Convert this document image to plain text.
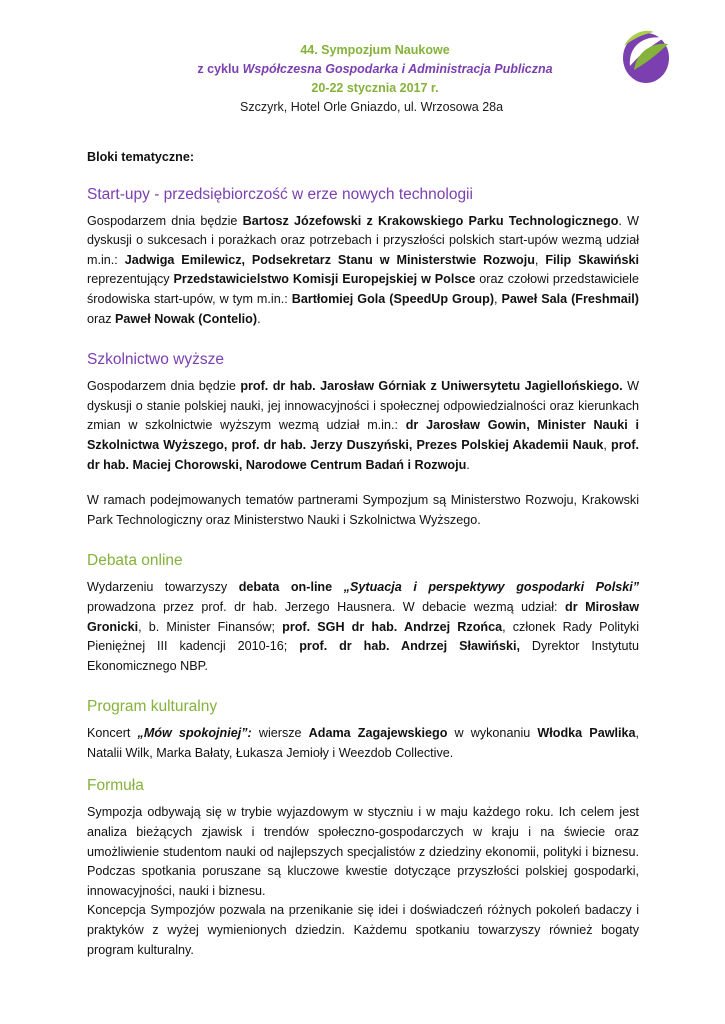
44. Sympozjum Naukowe
z cyklu Współczesna Gospodarka i Administracja Publiczna
20-22 stycznia 2017 r.
Szczyrk, Hotel Orle Gniazdo, ul. Wrzosowa 28a
Bloki tematyczne:
Start-upy - przedsiębiorczość w erze nowych technologii

Gospodarzem dnia będzie Bartosz Józefowski z Krakowskiego Parku Technologicznego. W dyskusji o sukcesach i porażkach oraz potrzebach i przyszłości polskich start-upów wezmą udział m.in.: Jadwiga Emilewicz, Podsekretarz Stanu w Ministerstwie Rozwoju, Filip Skawiński reprezentujący Przedstawicielstwo Komisji Europejskiej w Polsce oraz czołowi przedstawiciele środowiska start-upów, w tym m.in.: Bartłomiej Gola (SpeedUp Group), Paweł Sala (Freshmail) oraz Paweł Nowak (Contelio).

Szkolnictwo wyższe

Gospodarzem dnia będzie prof. dr hab. Jarosław Górniak z Uniwersytetu Jagiellońskiego. W dyskusji o stanie polskiej nauki, jej innowacyjności i społecznej odpowiedzialności oraz kierunkach zmian w szkolnictwie wyższym wezmą udział m.in.: dr Jarosław Gowin, Minister Nauki i Szkolnictwa Wyższego, prof. dr hab. Jerzy Duszyński, Prezes Polskiej Akademii Nauk, prof. dr hab. Maciej Chorowski, Narodowe Centrum Badań i Rozwoju.

W ramach podejmowanych tematów partnerami Sympozjum są Ministerstwo Rozwoju, Krakowski Park Technologiczny oraz Ministerstwo Nauki i Szkolnictwa Wyższego.

Debata online

Wydarzeniu towarzyszy debata on-line „Sytuacja i perspektywy gospodarki Polski” prowadzona przez prof. dr hab. Jerzego Hausnera. W debacie wezmą udział: dr Mirosław Gronicki, b. Minister Finansów; prof. SGH dr hab. Andrzej Rzońca, członek Rady Polityki Pieniężnej III kadencji 2010-16; prof. dr hab. Andrzej Sławiński, Dyrektor Instytutu Ekonomicznego NBP.

Program kulturalny

Koncert „Mów spokojniej”: wiersze Adama Zagajewskiego w wykonaniu Włodka Pawlika, Natalii Wilk, Marka Bałaty, Łukasza Jemioły i Weezdob Collective.

Formuła

Sympozja odbywają się w trybie wyjazdowym w styczniu i w maju każdego roku. Ich celem jest analiza bieżących zjawisk i trendów społeczno-gospodarczych w kraju i na świecie oraz umożliwienie studentom nauki od najlepszych specjalistów z dziedziny ekonomii, polityki i biznesu. Podczas spotkania poruszane są kluczowe kwestie dotyczące przyszłości polskiej gospodarki, innowacyjności, nauki i biznesu.

Koncepcja Sympozjów pozwala na przenikanie się idei i doświadczeń różnych pokoleń badaczy i praktyków z wyżej wymienionych dziedzin. Każdemu spotkaniu towarzyszy również bogaty program kulturalny.
